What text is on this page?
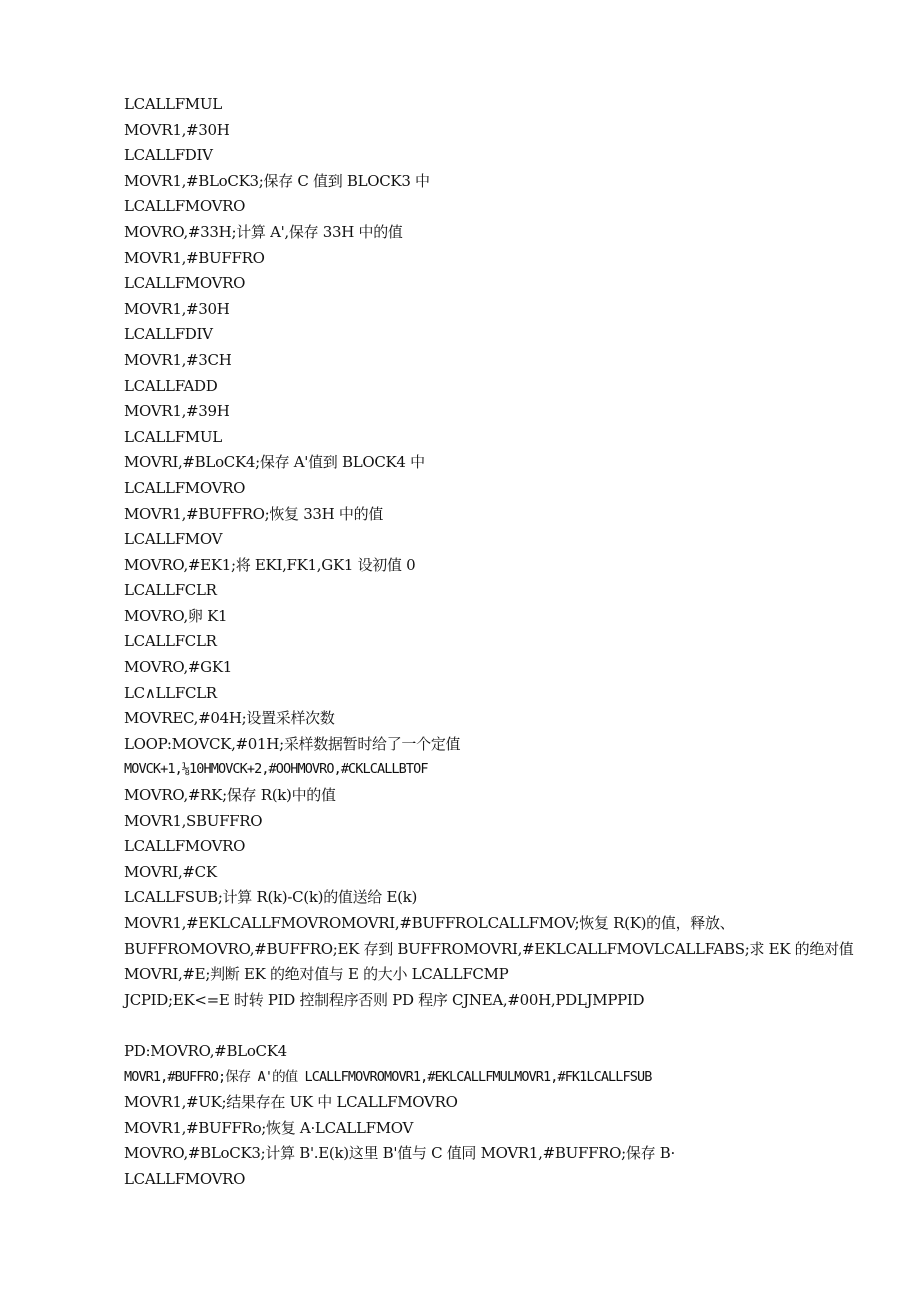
LCALLFMUL
MOVR1,#30H
LCALLFDIV
MOVR1,#BLoCK3;保存 C 值到 BLOCK3 中
LCALLFMOVRO
MOVRO,#33H;计算 A',保存 33H 中的值
MOVR1,#BUFFRO
LCALLFMOVRO
MOVR1,#30H
LCALLFDIV
MOVR1,#3CH
LCALLFADD
MOVR1,#39H
LCALLFMUL
MOVRI,#BLoCK4;保存 A'值到 BLOCK4 中
LCALLFMOVRO
MOVR1,#BUFFRO;恢复 33H 中的值
LCALLFMOV
MOVRO,#EK1;将 EKI,FK1,GK1 设初值 0
LCALLFCLR
MOVRO,卵 K1
LCALLFCLR
MOVRO,#GK1
LC∧LLFCLR
MOVREC,#04H;设置采样次数
LOOP:MOVCK,#01H;采样数据暂时给了一个定值
MOVCK+1,⅛10HMOVCK+2,#OOHMOVRO,#CKLCALLBTOF
MOVRO,#RK;保存 R(k)中的值
MOVR1,SBUFFRO
LCALLFMOVRO
MOVRI,#CK
LCALLFSUB;计算 R(k)-C(k)的值送给 E(k)
MOVR1,#EKLCALLFMOVROMOVRI,#BUFFROLCALLFMOV;恢复 R(K)的值，释放、
BUFFROMOVRO,#BUFFRO;EK 存到 BUFFROMOVRI,#EKLCALLFMOVLCALLFABS;求 EK 的绝对值
MOVRI,#E;判断 EK 的绝对值与 E 的大小 LCALLFCMP
JCPID;EK<=E 时转 PID 控制程序否则 PD 程序 CJNEA,#00H,PDLJMPPID
PD:MOVRO,#BLoCK4
MOVR1,#BUFFRO;保存 A'的值 LCALLFMOVROMOVR1,#EKLCALLFMULMOVR1,#FK1LCALLFSUB
MOVR1,#UK;结果存在 UK 中 LCALLFMOVRO
MOVR1,#BUFFRo;恢复 A·LCALLFMOV
MOVRO,#BLoCK3;计算 B'.E(k)这里 B'值与 C 值同 MOVR1,#BUFFRO;保存 B·
LCALLFMOVRO
